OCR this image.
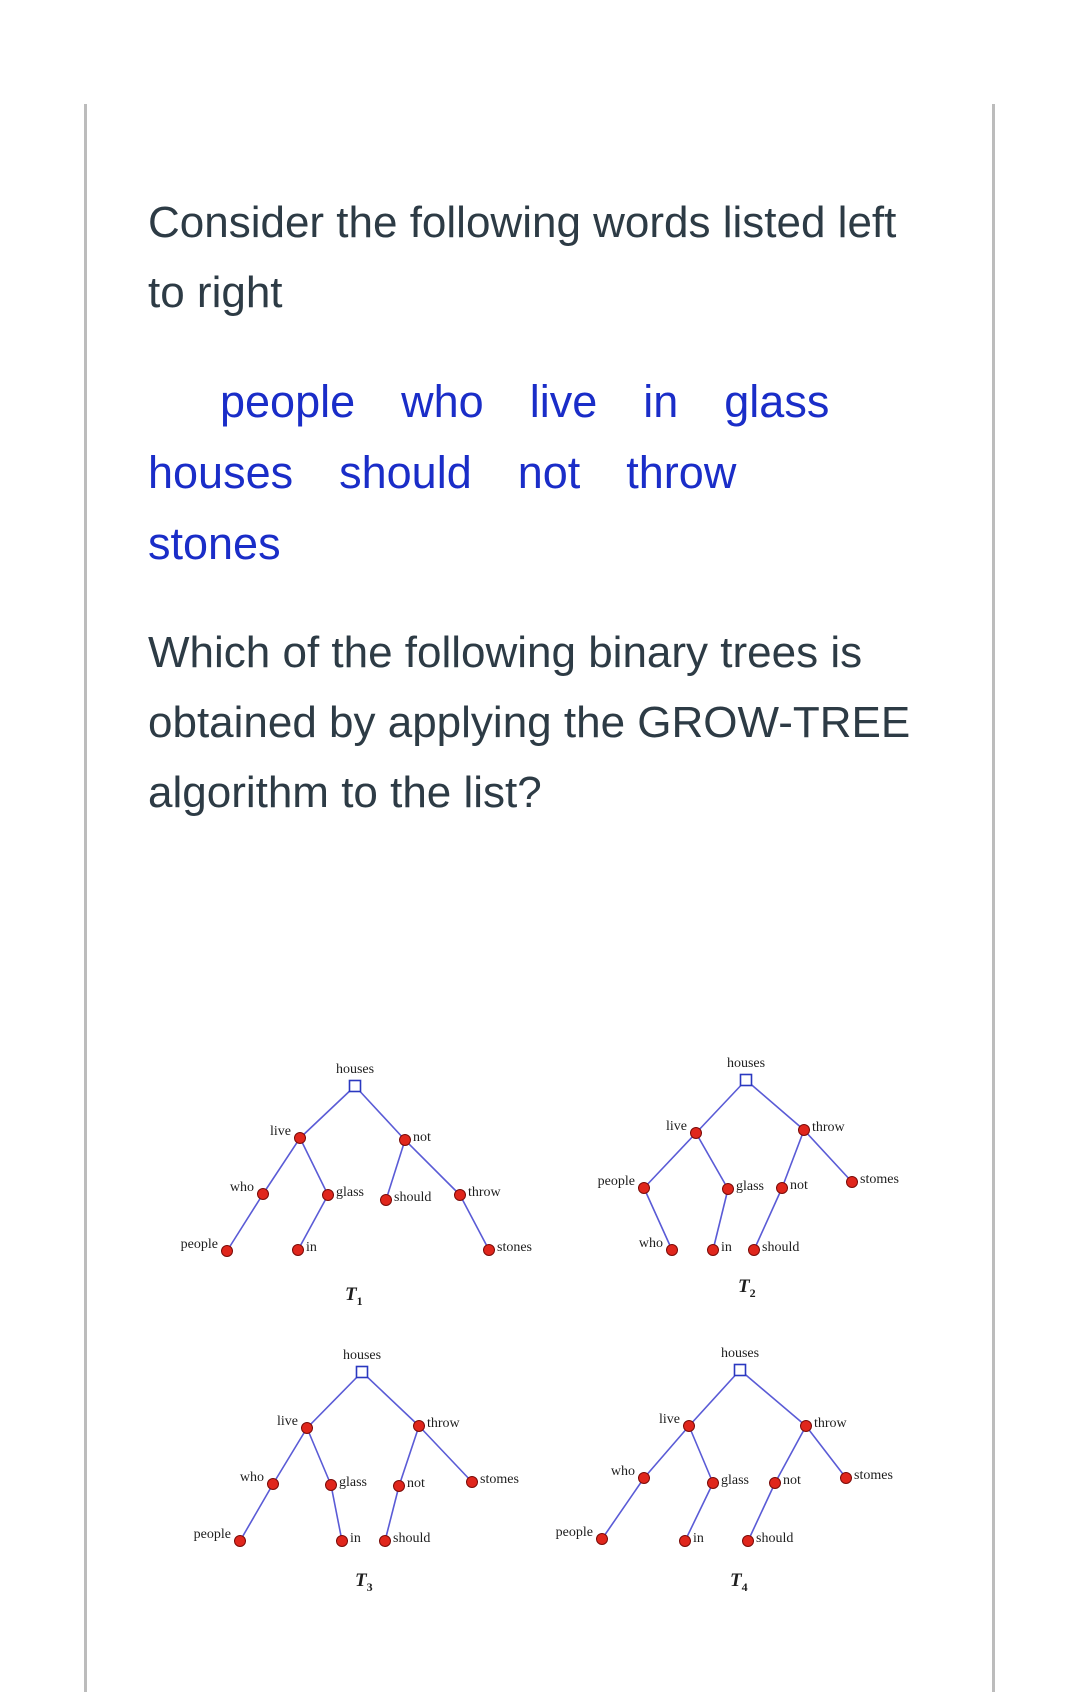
Consider the following words listed left to right
people who live in glasshouses should not throwstones
Which of the following binary trees is obtained by applying the GROW-TREE algorithm to the list?
houses
live	not
who	glass should	throw
people	in	stones
$T_1$
houses
live	throw
people	glass not	stomes
who	in should
$T_2$
houses
live	throw
who	glass	not	stomes
people	in should
$T_3$
houses
live	throw
who
glass not	stomes
people	in	should
$T_4$
